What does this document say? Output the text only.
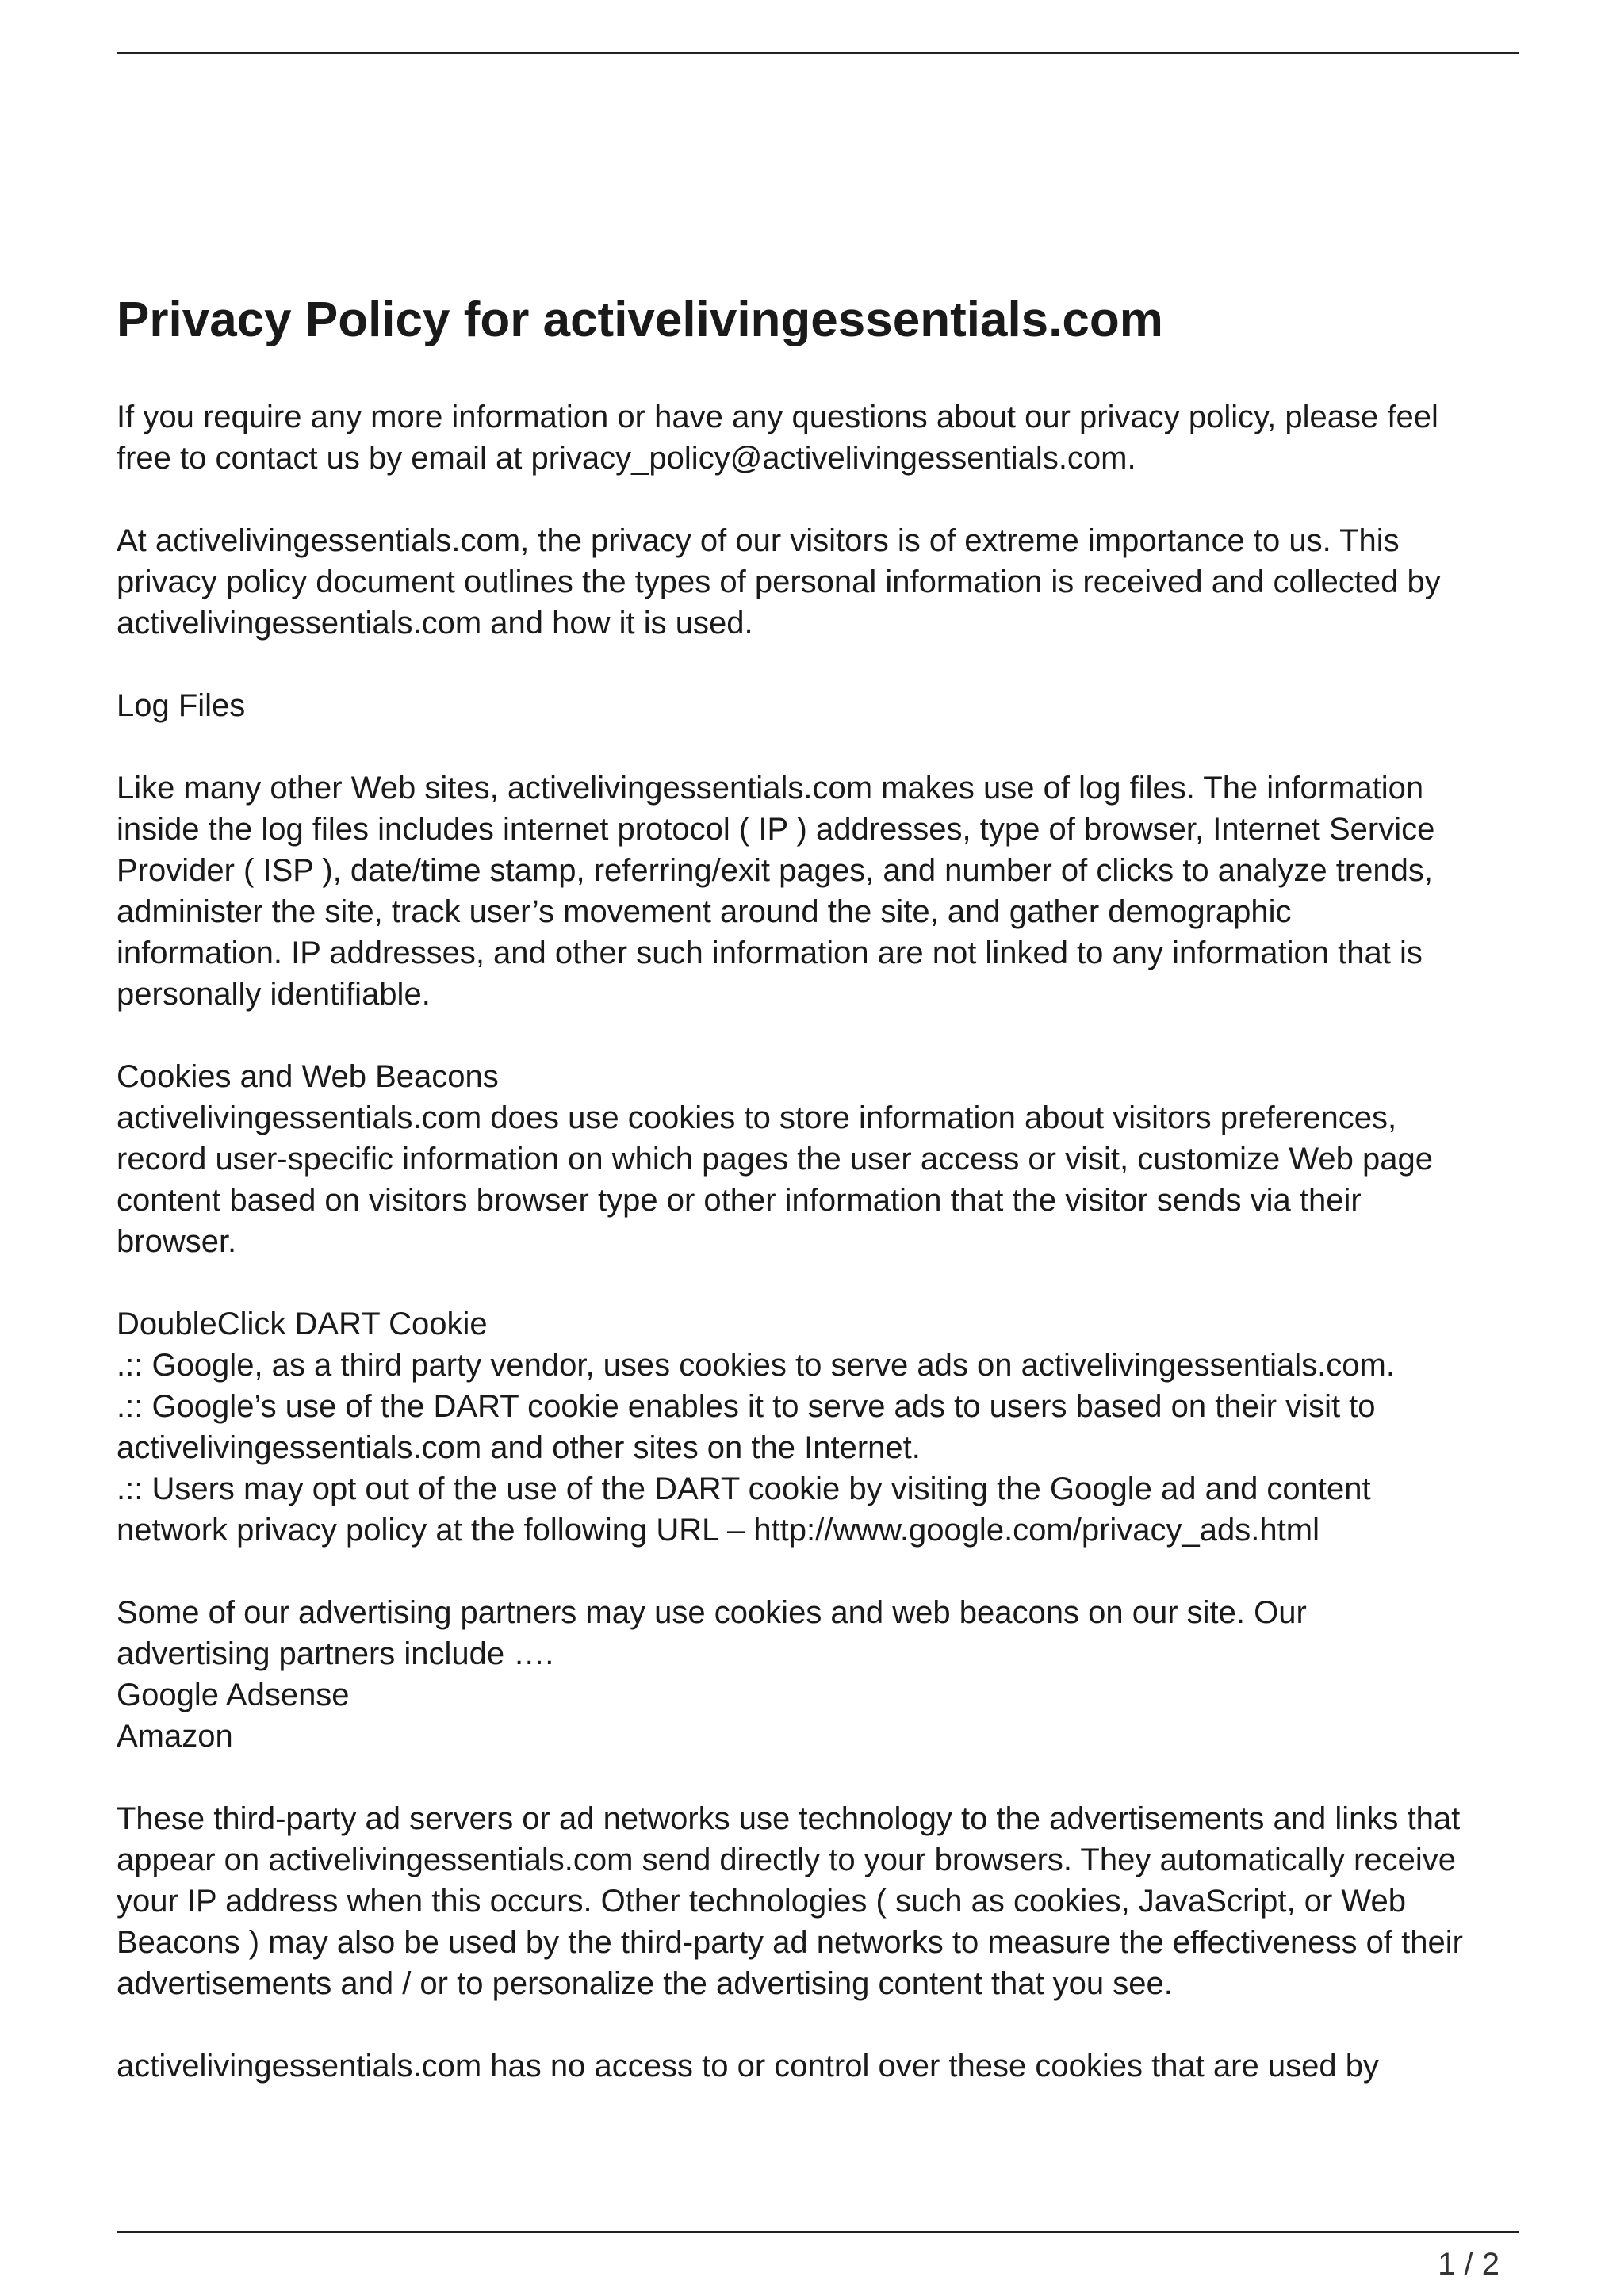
Privacy Policy for activelivingessentials.com
If you require any more information or have any questions about our privacy policy, please feel
free to contact us by email at privacy_policy@activelivingessentials.com.
At activelivingessentials.com, the privacy of our visitors is of extreme importance to us. This
privacy policy document outlines the types of personal information is received and collected by
activelivingessentials.com and how it is used.
Log Files
Like many other Web sites, activelivingessentials.com makes use of log files. The information
inside the log files includes internet protocol ( IP ) addresses, type of browser, Internet Service
Provider ( ISP ), date/time stamp, referring/exit pages, and number of clicks to analyze trends,
administer the site, track user’s movement around the site, and gather demographic
information. IP addresses, and other such information are not linked to any information that is
personally identifiable.
Cookies and Web Beacons
activelivingessentials.com does use cookies to store information about visitors preferences,
record user-specific information on which pages the user access or visit, customize Web page
content based on visitors browser type or other information that the visitor sends via their
browser.
DoubleClick DART Cookie
.:: Google, as a third party vendor, uses cookies to serve ads on activelivingessentials.com.
.:: Google’s use of the DART cookie enables it to serve ads to users based on their visit to
activelivingessentials.com and other sites on the Internet.
.:: Users may opt out of the use of the DART cookie by visiting the Google ad and content
network privacy policy at the following URL – http://www.google.com/privacy_ads.html
Some of our advertising partners may use cookies and web beacons on our site. Our
advertising partners include ….
Google Adsense
Amazon
These third-party ad servers or ad networks use technology to the advertisements and links that
appear on activelivingessentials.com send directly to your browsers. They automatically receive
your IP address when this occurs. Other technologies ( such as cookies, JavaScript, or Web
Beacons ) may also be used by the third-party ad networks to measure the effectiveness of their
advertisements and / or to personalize the advertising content that you see.
activelivingessentials.com has no access to or control over these cookies that are used by
1 / 2
